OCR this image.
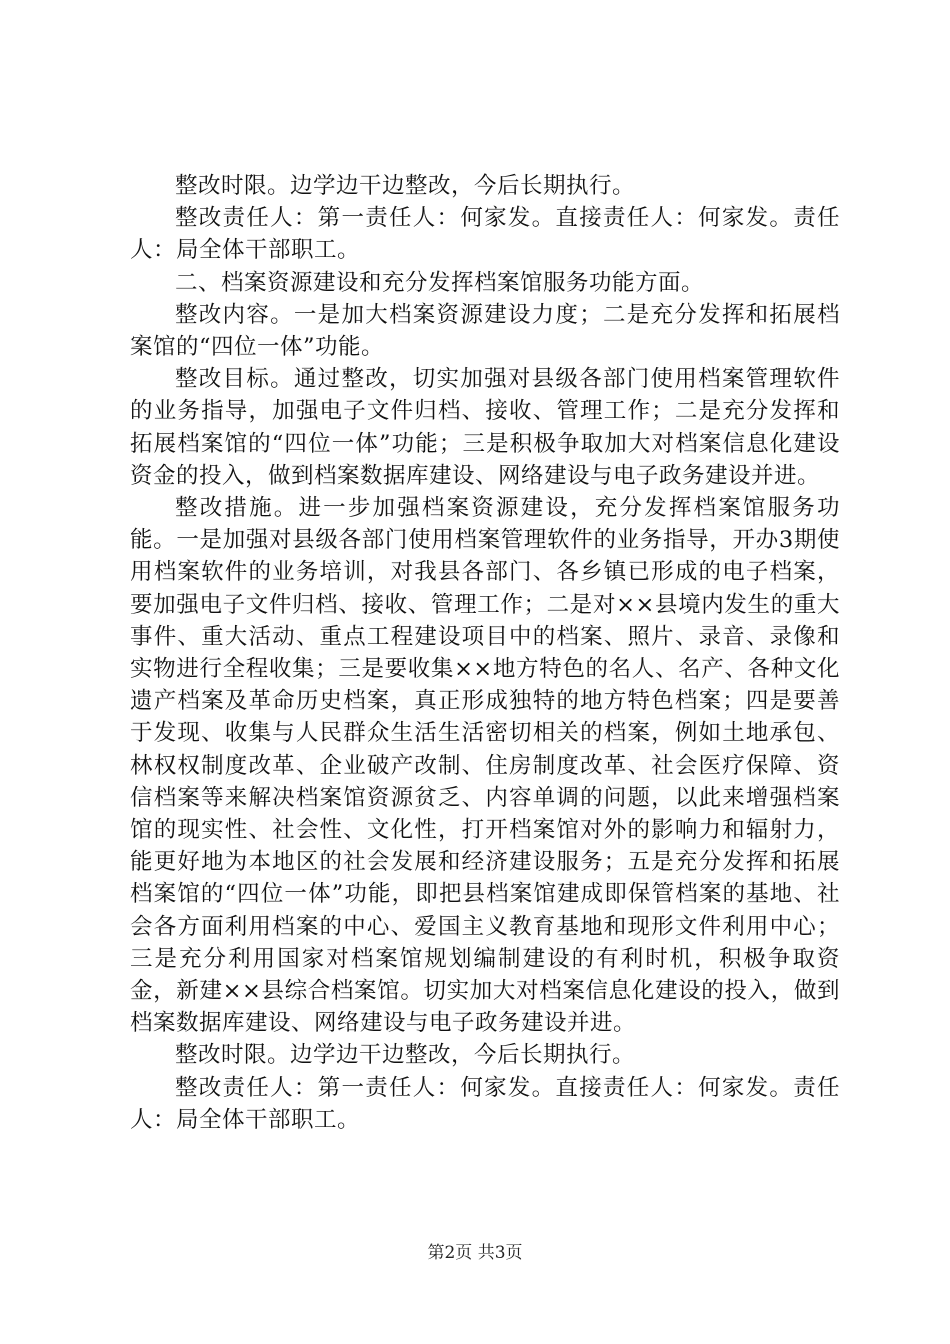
整改时限。边学边干边整改，今后长期执行。

整改责任人：第一责任人：何家发。直接责任人：何家发。责任人：局全体干部职工。

二、档案资源建设和充分发挥档案馆服务功能方面。

整改内容。一是加大档案资源建设力度；二是充分发挥和拓展档案馆的“四位一体”功能。

整改目标。通过整改，切实加强对县级各部门使用档案管理软件的业务指导，加强电子文件归档、接收、管理工作；二是充分发挥和拓展档案馆的“四位一体”功能；三是积极争取加大对档案信息化建设资金的投入，做到档案数据库建设、网络建设与电子政务建设并进。

整改措施。进一步加强档案资源建设，充分发挥档案馆服务功能。一是加强对县级各部门使用档案管理软件的业务指导，开办3期使用档案软件的业务培训，对我县各部门、各乡镇已形成的电子档案，要加强电子文件归档、接收、管理工作；二是对××县境内发生的重大事件、重大活动、重点工程建设项目中的档案、照片、录音、录像和实物进行全程收集；三是要收集××地方特色的名人、名产、各种文化遗产档案及革命历史档案，真正形成独特的地方特色档案；四是要善于发现、收集与人民群众生活生活密切相关的档案，例如土地承包、林权权制度改革、企业破产改制、住房制度改革、社会医疗保障、资信档案等来解决档案馆资源贫乏、内容单调的问题，以此来增强档案馆的现实性、社会性、文化性，打开档案馆对外的影响力和辐射力，能更好地为本地区的社会发展和经济建设服务；五是充分发挥和拓展档案馆的“四位一体”功能，即把县档案馆建成即保管档案的基地、社会各方面利用档案的中心、爱国主义教育基地和现形文件利用中心；三是充分利用国家对档案馆规划编制建设的有利时机，积极争取资金，新建××县综合档案馆。切实加大对档案信息化建设的投入，做到档案数据库建设、网络建设与电子政务建设并进。

整改时限。边学边干边整改，今后长期执行。

整改责任人：第一责任人：何家发。直接责任人：何家发。责任人：局全体干部职工。

第2页 共3页
